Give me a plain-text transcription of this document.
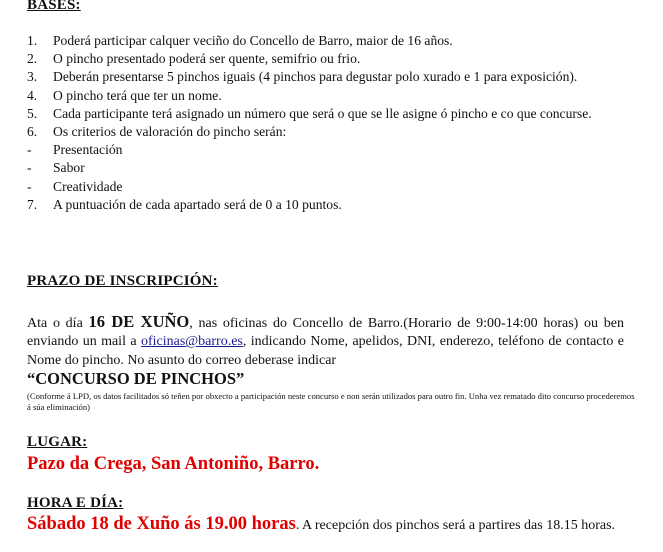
BASES:

1. Poderá participar calquer veciño do Concello de Barro, maior de 16 años.
2. O pincho presentado poderá ser quente, semifrio ou frio.
3. Deberán presentarse 5 pinchos iguais (4 pinchos para degustar polo xurado e 1 para exposición).
4. O pincho terá que ter un nome.
5. Cada participante terá asignado un número que será o que se lle asigne ó pincho e co que concurse.
6. Os criterios de valoración do pincho serán:
- Presentación
- Sabor
- Creatividade
7. A puntuación de cada apartado será de 0 a 10 puntos.

PRAZO DE INSCRIPCIÓN:

Ata o día 16 DE XUÑO, nas oficinas do Concello de Barro.(Horario de 9:00-14:00 horas) ou ben enviando un mail a oficinas@barro.es, indicando Nome, apelidos, DNI, enderezo, teléfono de contacto e Nome do pincho. No asunto do correo deberase indicar

“CONCURSO DE PINCHOS”

(Conforme á LPD, os datos facilitados só teñen por obxecto a participación neste concurso e non serán utilizados para outro fin. Unha vez rematado dito concurso procederemos á súa eliminación)

LUGAR:

Pazo da Crega, San Antoniño, Barro.

HORA E DÍA:

Sábado 18 de Xuño ás 19.00 horas. A recepción dos pinchos será a partires das 18.15 horas.
